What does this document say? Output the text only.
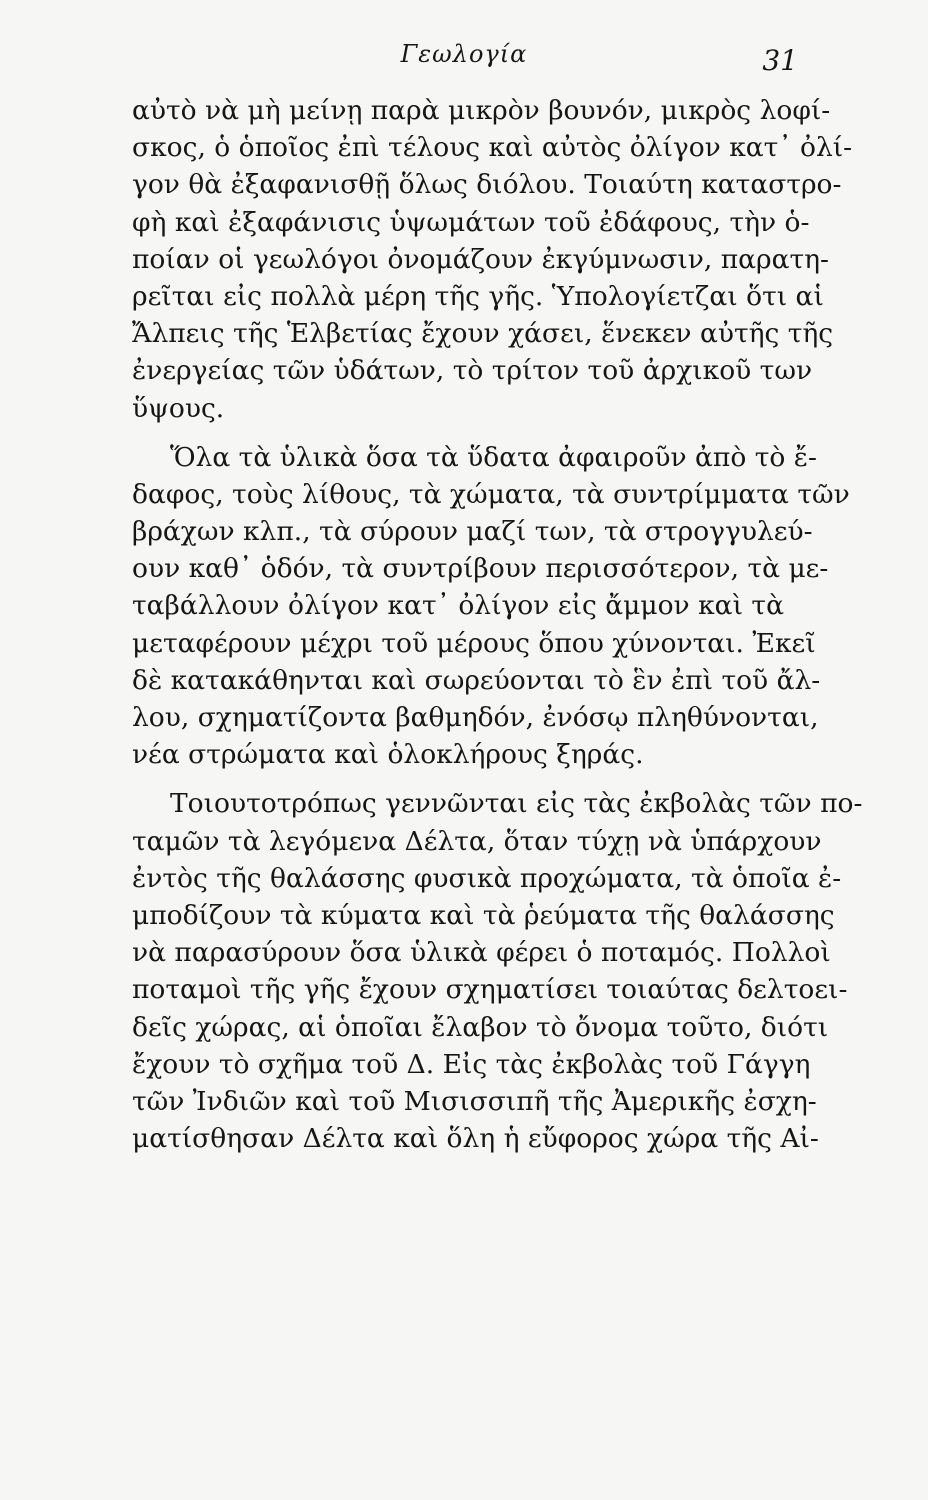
Γεωλογία	31
αὐτὸ νὰ μὴ μείνῃ παρὰ μικρὸν βουνόν, μικρὸς λοφί-
σκος, ὁ ὁποῖος ἐπὶ τέλους καὶ αὐτὸς ὀλίγον κατ᾽ ὀλί-
γον θὰ ἐξαφανισθῇ ὅλως διόλου. Τοιαύτη καταστρο-
φὴ καὶ ἐξαφάνισις ὑψωμάτων τοῦ ἐδάφους, τὴν ὁ-
ποίαν οἱ γεωλόγοι ὀνομάζουν ἐκγύμνωσιν, παρατη-
ρεῖται εἰς πολλὰ μέρη τῆς γῆς. Ὑπολογίετζαι ὅτι αἱ
Ἄλπεις τῆς Ἑλβετίας ἔχουν χάσει, ἕνεκεν αὐτῆς τῆς
ἐνεργείας τῶν ὑδάτων, τὸ τρίτον τοῦ ἀρχικοῦ των
ὕψους.
Ὅλα τὰ ὑλικὰ ὅσα τὰ ὕδατα ἀφαιροῦν ἀπὸ τὸ ἔ-
δαφος, τοὺς λίθους, τὰ χώματα, τὰ συντρίμματα τῶν
βράχων κλπ., τὰ σύρουν μαζί των, τὰ στρογγυλεύ-
ουν καθ᾽ ὁδόν, τὰ συντρίβουν περισσότερον, τὰ με-
ταβάλλουν ὀλίγον κατ᾽ ὀλίγον εἰς ἄμμον καὶ τὰ
μεταφέρουν μέχρι τοῦ μέρους ὅπου χύνονται. Ἐκεῖ
δὲ κατακάθηνται καὶ σωρεύονται τὸ ἓν ἐπὶ τοῦ ἄλ-
λου, σχηματίζοντα βαθμηδόν, ἐνόσῳ πληθύνονται,
νέα στρώματα καὶ ὁλοκλήρους ξηράς.
Τοιουτοτρόπως γεννῶνται εἰς τὰς ἐκβολὰς τῶν πο-
ταμῶν τὰ λεγόμενα Δέλτα, ὅταν τύχῃ νὰ ὑπάρχουν
ἐντὸς τῆς θαλάσσης φυσικὰ προχώματα, τὰ ὁποῖα ἐ-
μποδίζουν τὰ κύματα καὶ τὰ ῥεύματα τῆς θαλάσσης
νὰ παρασύρουν ὅσα ὑλικὰ φέρει ὁ ποταμός. Πολλοὶ
ποταμοὶ τῆς γῆς ἔχουν σχηματίσει τοιαύτας δελτοει-
δεῖς χώρας, αἱ ὁποῖαι ἔλαβον τὸ ὄνομα τοῦτο, διότι
ἔχουν τὸ σχῆμα τοῦ Δ. Εἰς τὰς ἐκβολὰς τοῦ Γάγγη
τῶν Ἰνδιῶν καὶ τοῦ Μισισσιπῆ τῆς Ἀμερικῆς ἐσχη-
ματίσθησαν Δέλτα καὶ ὅλη ἡ εὔφορος χώρα τῆς Αἰ-
